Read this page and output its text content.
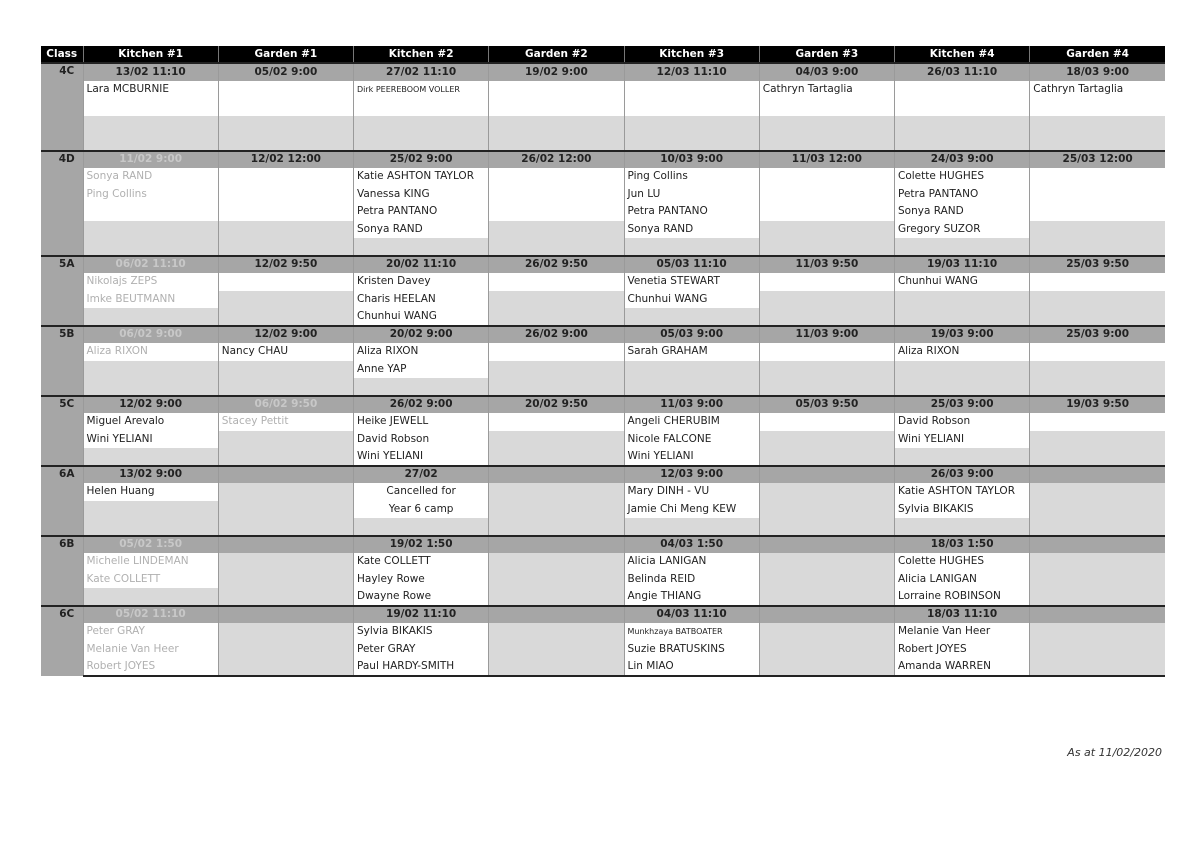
Class	Kitchen #1	Garden #1	Kitchen #2	Garden #2	Kitchen #3	Garden #3	Kitchen #4	Garden #4
4C	13/02 11:10	05/02 9:00	27/02 11:10	19/02 9:00	12/03 11:10	04/03 9:00	26/03 11:10	18/03 9:00
	Lara MCBURNIE		Dirk PEEREBOOM VOLLER			Cathryn Tartaglia		Cathryn Tartaglia

4D	11/02 9:00	12/02 12:00	25/02 9:00	26/02 12:00	10/03 9:00	11/03 12:00	24/03 9:00	25/03 12:00
	Sonya RAND		Katie ASHTON TAYLOR		Ping Collins		Colette HUGHES	
	Ping Collins		Vanessa KING		Jun LU		Petra PANTANO	
			Petra PANTANO		Petra PANTANO		Sonya RAND	
			Sonya RAND		Sonya RAND		Gregory SUZOR	

5A	06/02 11:10	12/02 9:50	20/02 11:10	26/02 9:50	05/03 11:10	11/03 9:50	19/03 11:10	25/03 9:50
	Nikolajs ZEPS		Kristen Davey		Venetia STEWART		Chunhui WANG	
	Imke BEUTMANN		Charis HEELAN		Chunhui WANG			
			Chunhui WANG					
5B	06/02 9:00	12/02 9:00	20/02 9:00	26/02 9:00	05/03 9:00	11/03 9:00	19/03 9:00	25/03 9:00
	Aliza RIXON	Nancy CHAU	Aliza RIXON		Sarah GRAHAM		Aliza RIXON	
			Anne YAP					

5C	12/02 9:00	06/02 9:50	26/02 9:00	20/02 9:50	11/03 9:00	05/03 9:50	25/03 9:00	19/03 9:50
	Miguel Arevalo	Stacey Pettit	Heike JEWELL		Angeli CHERUBIM		David Robson	
	Wini YELIANI		David Robson		Nicole FALCONE		Wini YELIANI	
			Wini YELIANI		Wini YELIANI			
6A	13/02 9:00		27/02		12/03 9:00		26/03 9:00	
	Helen Huang		Cancelled for		Mary DINH - VU		Katie ASHTON TAYLOR	
			Year 6 camp		Jamie Chi Meng KEW		Sylvia BIKAKIS	

6B	05/02 1:50		19/02 1:50		04/03 1:50		18/03 1:50	
	Michelle LINDEMAN		Kate COLLETT		Alicia LANIGAN		Colette HUGHES	
	Kate COLLETT		Hayley Rowe		Belinda REID		Alicia LANIGAN	
			Dwayne Rowe		Angie THIANG		Lorraine ROBINSON	
6C	05/02 11:10		19/02 11:10		04/03 11:10		18/03 11:10	
	Peter GRAY		Sylvia BIKAKIS		Munkhzaya BATBOATER		Melanie Van Heer	
	Melanie Van Heer		Peter GRAY		Suzie BRATUSKINS		Robert JOYES	
	Robert JOYES		Paul HARDY-SMITH		Lin MIAO		Amanda WARREN	
As at 11/02/2020
